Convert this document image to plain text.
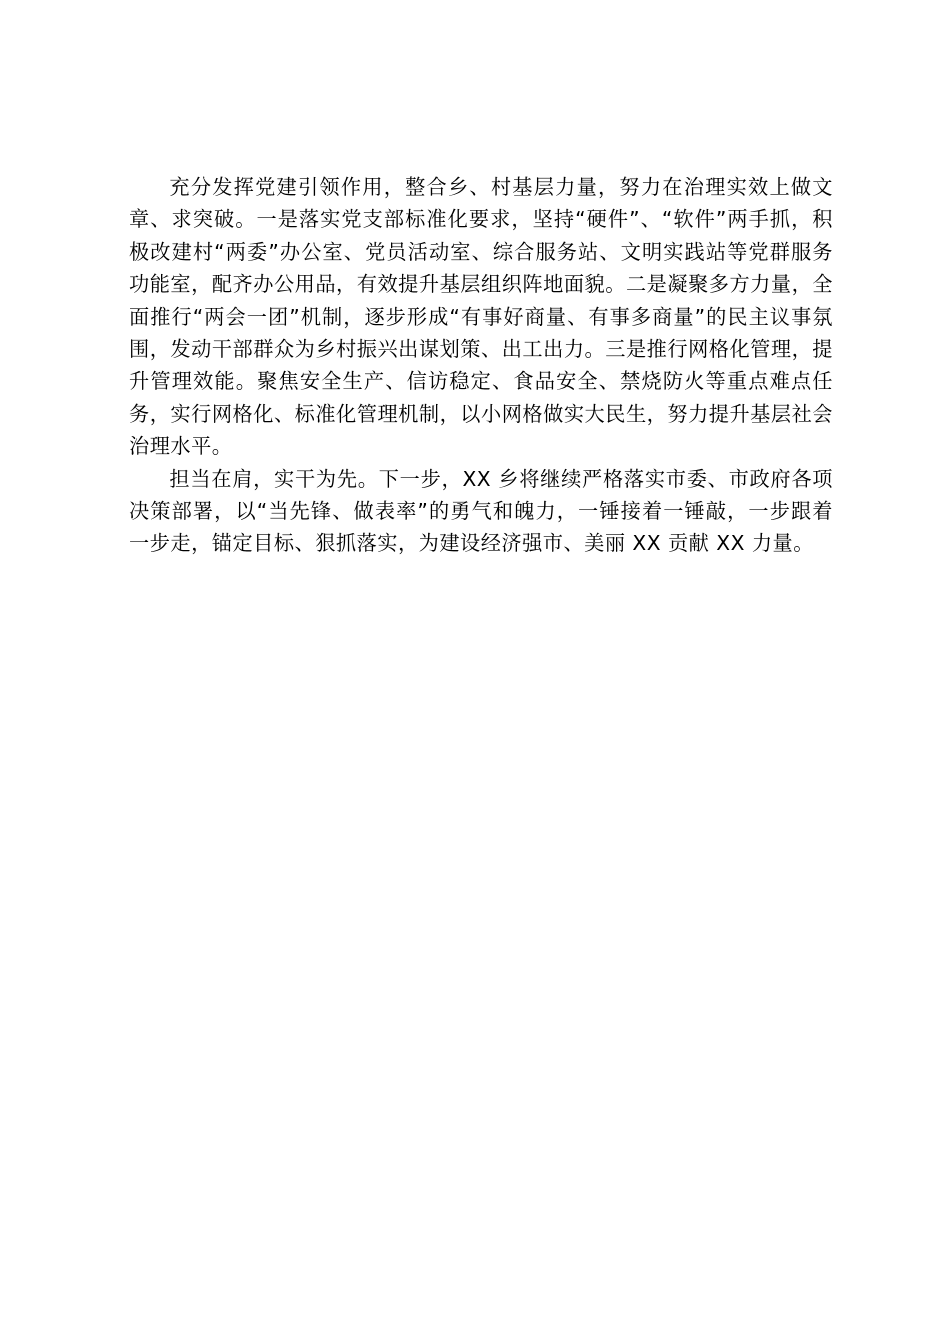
充分发挥党建引领作用，整合乡、村基层力量，努力在治理实效上做文章、求突破。一是落实党支部标准化要求，坚持“硬件”、“软件”两手抓，积极改建村“两委”办公室、党员活动室、综合服务站、文明实践站等党群服务功能室，配齐办公用品，有效提升基层组织阵地面貌。二是凝聚多方力量，全面推行“两会一团”机制，逐步形成“有事好商量、有事多商量”的民主议事氛围，发动干部群众为乡村振兴出谋划策、出工出力。三是推行网格化管理，提升管理效能。聚焦安全生产、信访稳定、食品安全、禁烧防火等重点难点任务，实行网格化、标准化管理机制，以小网格做实大民生，努力提升基层社会治理水平。

担当在肩，实干为先。下一步，XX 乡将继续严格落实市委、市政府各项决策部署，以“当先锋、做表率”的勇气和魄力，一锤接着一锤敲，一步跟着一步走，锚定目标、狠抓落实，为建设经济强市、美丽 XX 贡献 XX 力量。
